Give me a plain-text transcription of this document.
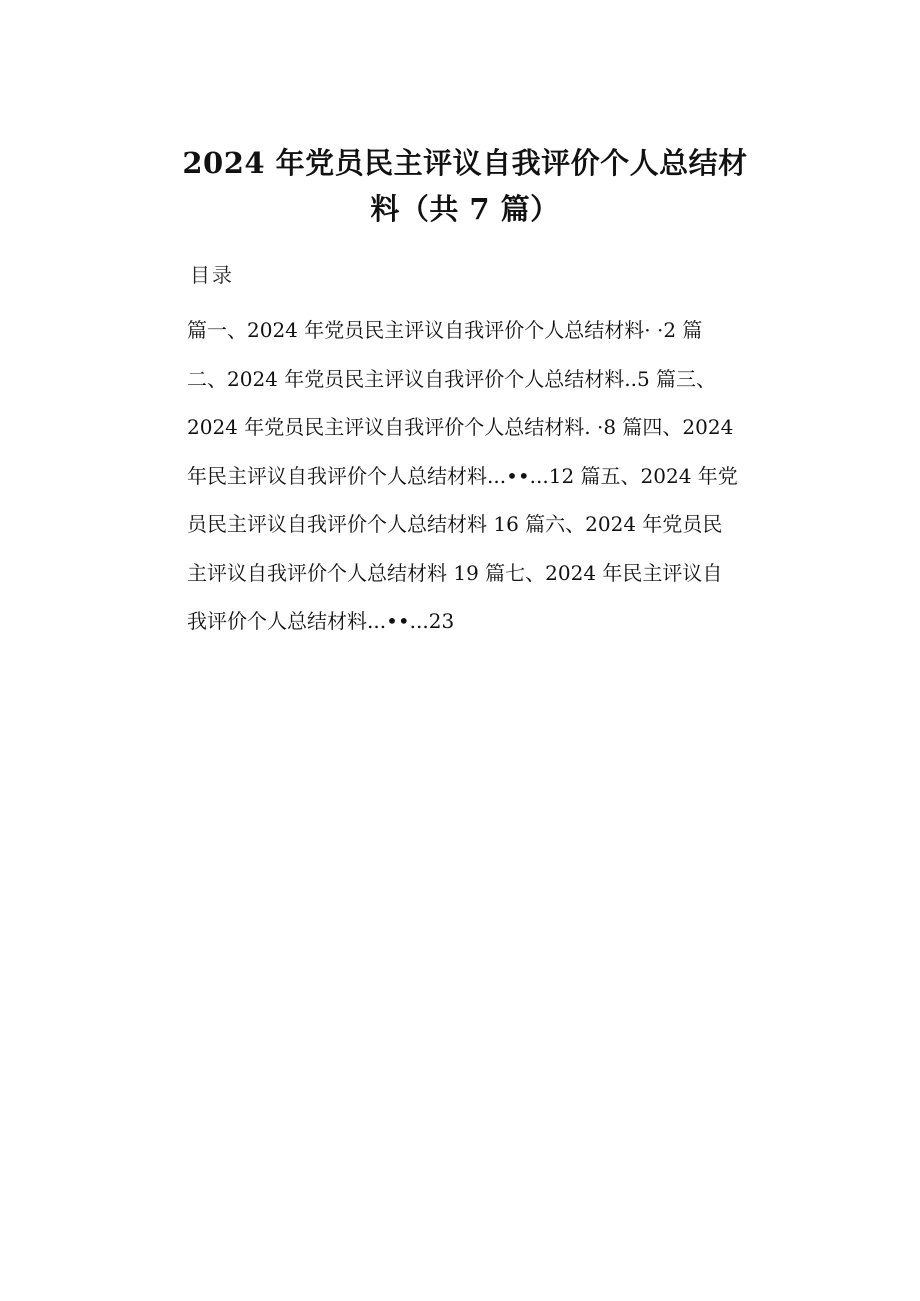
2024 年党员民主评议自我评价个人总结材
料（共 7 篇）

目录

篇一、2024 年党员民主评议自我评价个人总结材料· ·2 篇
二、2024 年党员民主评议自我评价个人总结材料..5 篇三、
2024 年党员民主评议自我评价个人总结材料. ·8 篇四、2024
年民主评议自我评价个人总结材料...••...12 篇五、2024 年党
员民主评议自我评价个人总结材料 16 篇六、2024 年党员民
主评议自我评价个人总结材料 19 篇七、2024 年民主评议自
我评价个人总结材料...••...23
